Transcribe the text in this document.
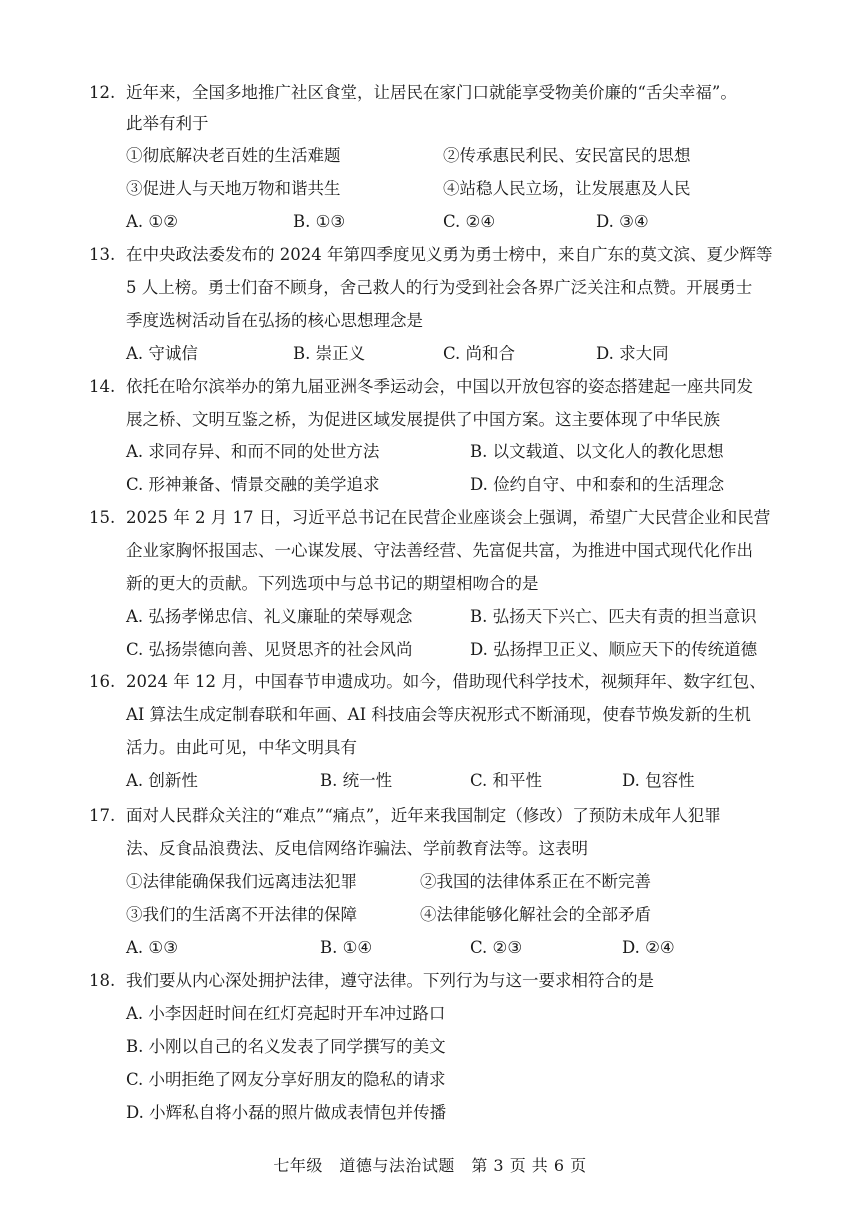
12. 近年来，全国多地推广社区食堂，让居民在家门口就能享受物美价廉的“舌尖幸福”。
此举有利于
①彻底解决老百姓的生活难题	②传承惠民利民、安民富民的思想
③促进人与天地万物和谐共生	④站稳人民立场，让发展惠及人民
A. ①②	B. ①③	C. ②④	D. ③④
13. 在中央政法委发布的 2024 年第四季度见义勇为勇士榜中，来自广东的莫文滨、夏少辉等
5 人上榜。勇士们奋不顾身，舍己救人的行为受到社会各界广泛关注和点赞。开展勇士
季度选树活动旨在弘扬的核心思想理念是
A. 守诚信	B. 崇正义	C. 尚和合	D. 求大同
14. 依托在哈尔滨举办的第九届亚洲冬季运动会，中国以开放包容的姿态搭建起一座共同发
展之桥、文明互鉴之桥，为促进区域发展提供了中国方案。这主要体现了中华民族
A. 求同存异、和而不同的处世方法	B. 以文载道、以文化人的教化思想
C. 形神兼备、情景交融的美学追求	D. 俭约自守、中和泰和的生活理念
15. 2025 年 2 月 17 日，习近平总书记在民营企业座谈会上强调，希望广大民营企业和民营
企业家胸怀报国志、一心谋发展、守法善经营、先富促共富，为推进中国式现代化作出
新的更大的贡献。下列选项中与总书记的期望相吻合的是
A. 弘扬孝悌忠信、礼义廉耻的荣辱观念	B. 弘扬天下兴亡、匹夫有责的担当意识
C. 弘扬崇德向善、见贤思齐的社会风尚	D. 弘扬捍卫正义、顺应天下的传统道德
16. 2024 年 12 月，中国春节申遗成功。如今，借助现代科学技术，视频拜年、数字红包、
AI 算法生成定制春联和年画、AI 科技庙会等庆祝形式不断涌现，使春节焕发新的生机
活力。由此可见，中华文明具有
A. 创新性	B. 统一性	C. 和平性	D. 包容性
17. 面对人民群众关注的“难点”“痛点”，近年来我国制定（修改）了预防未成年人犯罪
法、反食品浪费法、反电信网络诈骗法、学前教育法等。这表明
①法律能确保我们远离违法犯罪	②我国的法律体系正在不断完善
③我们的生活离不开法律的保障	④法律能够化解社会的全部矛盾
A. ①③	B. ①④	C. ②③	D. ②④
18. 我们要从内心深处拥护法律，遵守法律。下列行为与这一要求相符合的是
A. 小李因赶时间在红灯亮起时开车冲过路口
B. 小刚以自己的名义发表了同学撰写的美文
C. 小明拒绝了网友分享好朋友的隐私的请求
D. 小辉私自将小磊的照片做成表情包并传播
七年级　道德与法治试题　第 3 页 共 6 页
